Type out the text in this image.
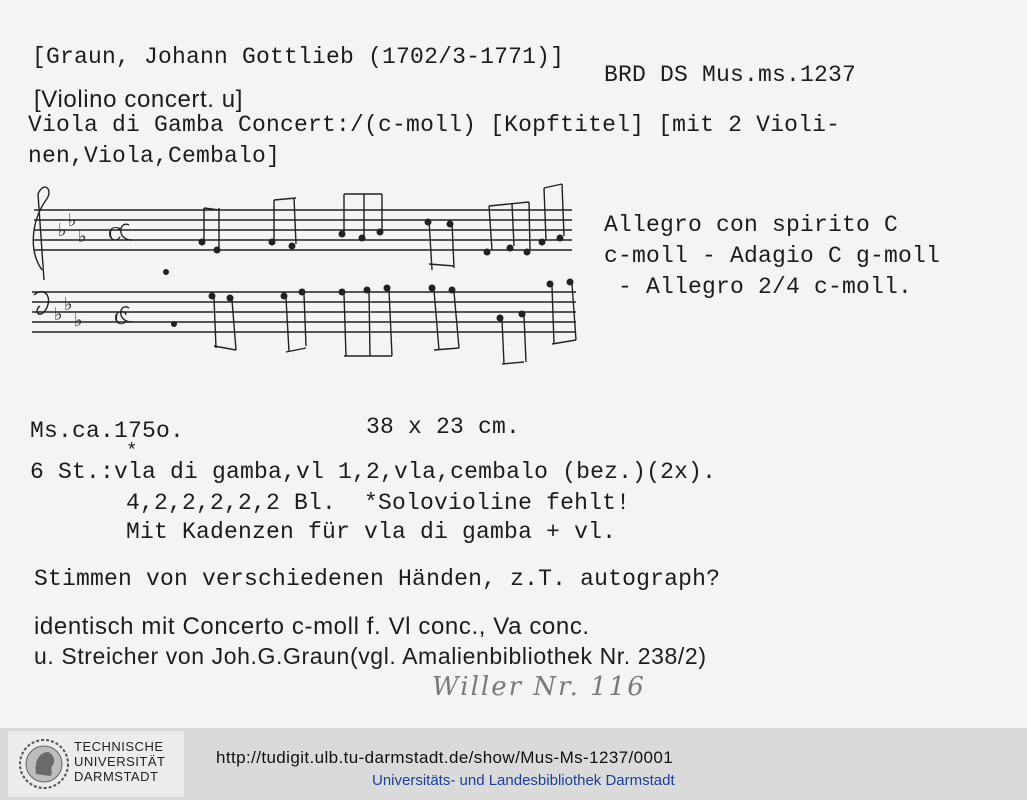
[Graun, Johann Gottlieb (1702/3-1771)]
BRD DS Mus.ms.1237
[Violino concert. u]
Viola di Gamba Concert:/(c-moll) [Kopftitel] [mit 2 Violi-
nen,Viola,Cembalo]
♭ ♭
♭
♭ ♭
♭
C
C
Allegro con spirito C
c-moll - Adagio C g-moll
- Allegro 2/4 c-moll.
Ms.ca.175o.	38 x 23 cm.
*
6 St.:vla di gamba,vl 1,2,vla,cembalo (bez.)(2x).
4,2,2,2,2,2 Bl.  *Solovioline fehlt!
Mit Kadenzen für vla di gamba + vl.
Stimmen von verschiedenen Händen, z.T. autograph?
identisch mit Concerto c-moll f. Vl conc., Va conc.
u. Streicher von Joh.G.Graun(vgl. Amalienbibliothek Nr. 238/2)
Willer Nr. 116
TECHNISCHE
UNIVERSITÄT
DARMSTADT
http://tudigit.ulb.tu-darmstadt.de/show/Mus-Ms-1237/0001
Universitäts- und Landesbibliothek Darmstadt
